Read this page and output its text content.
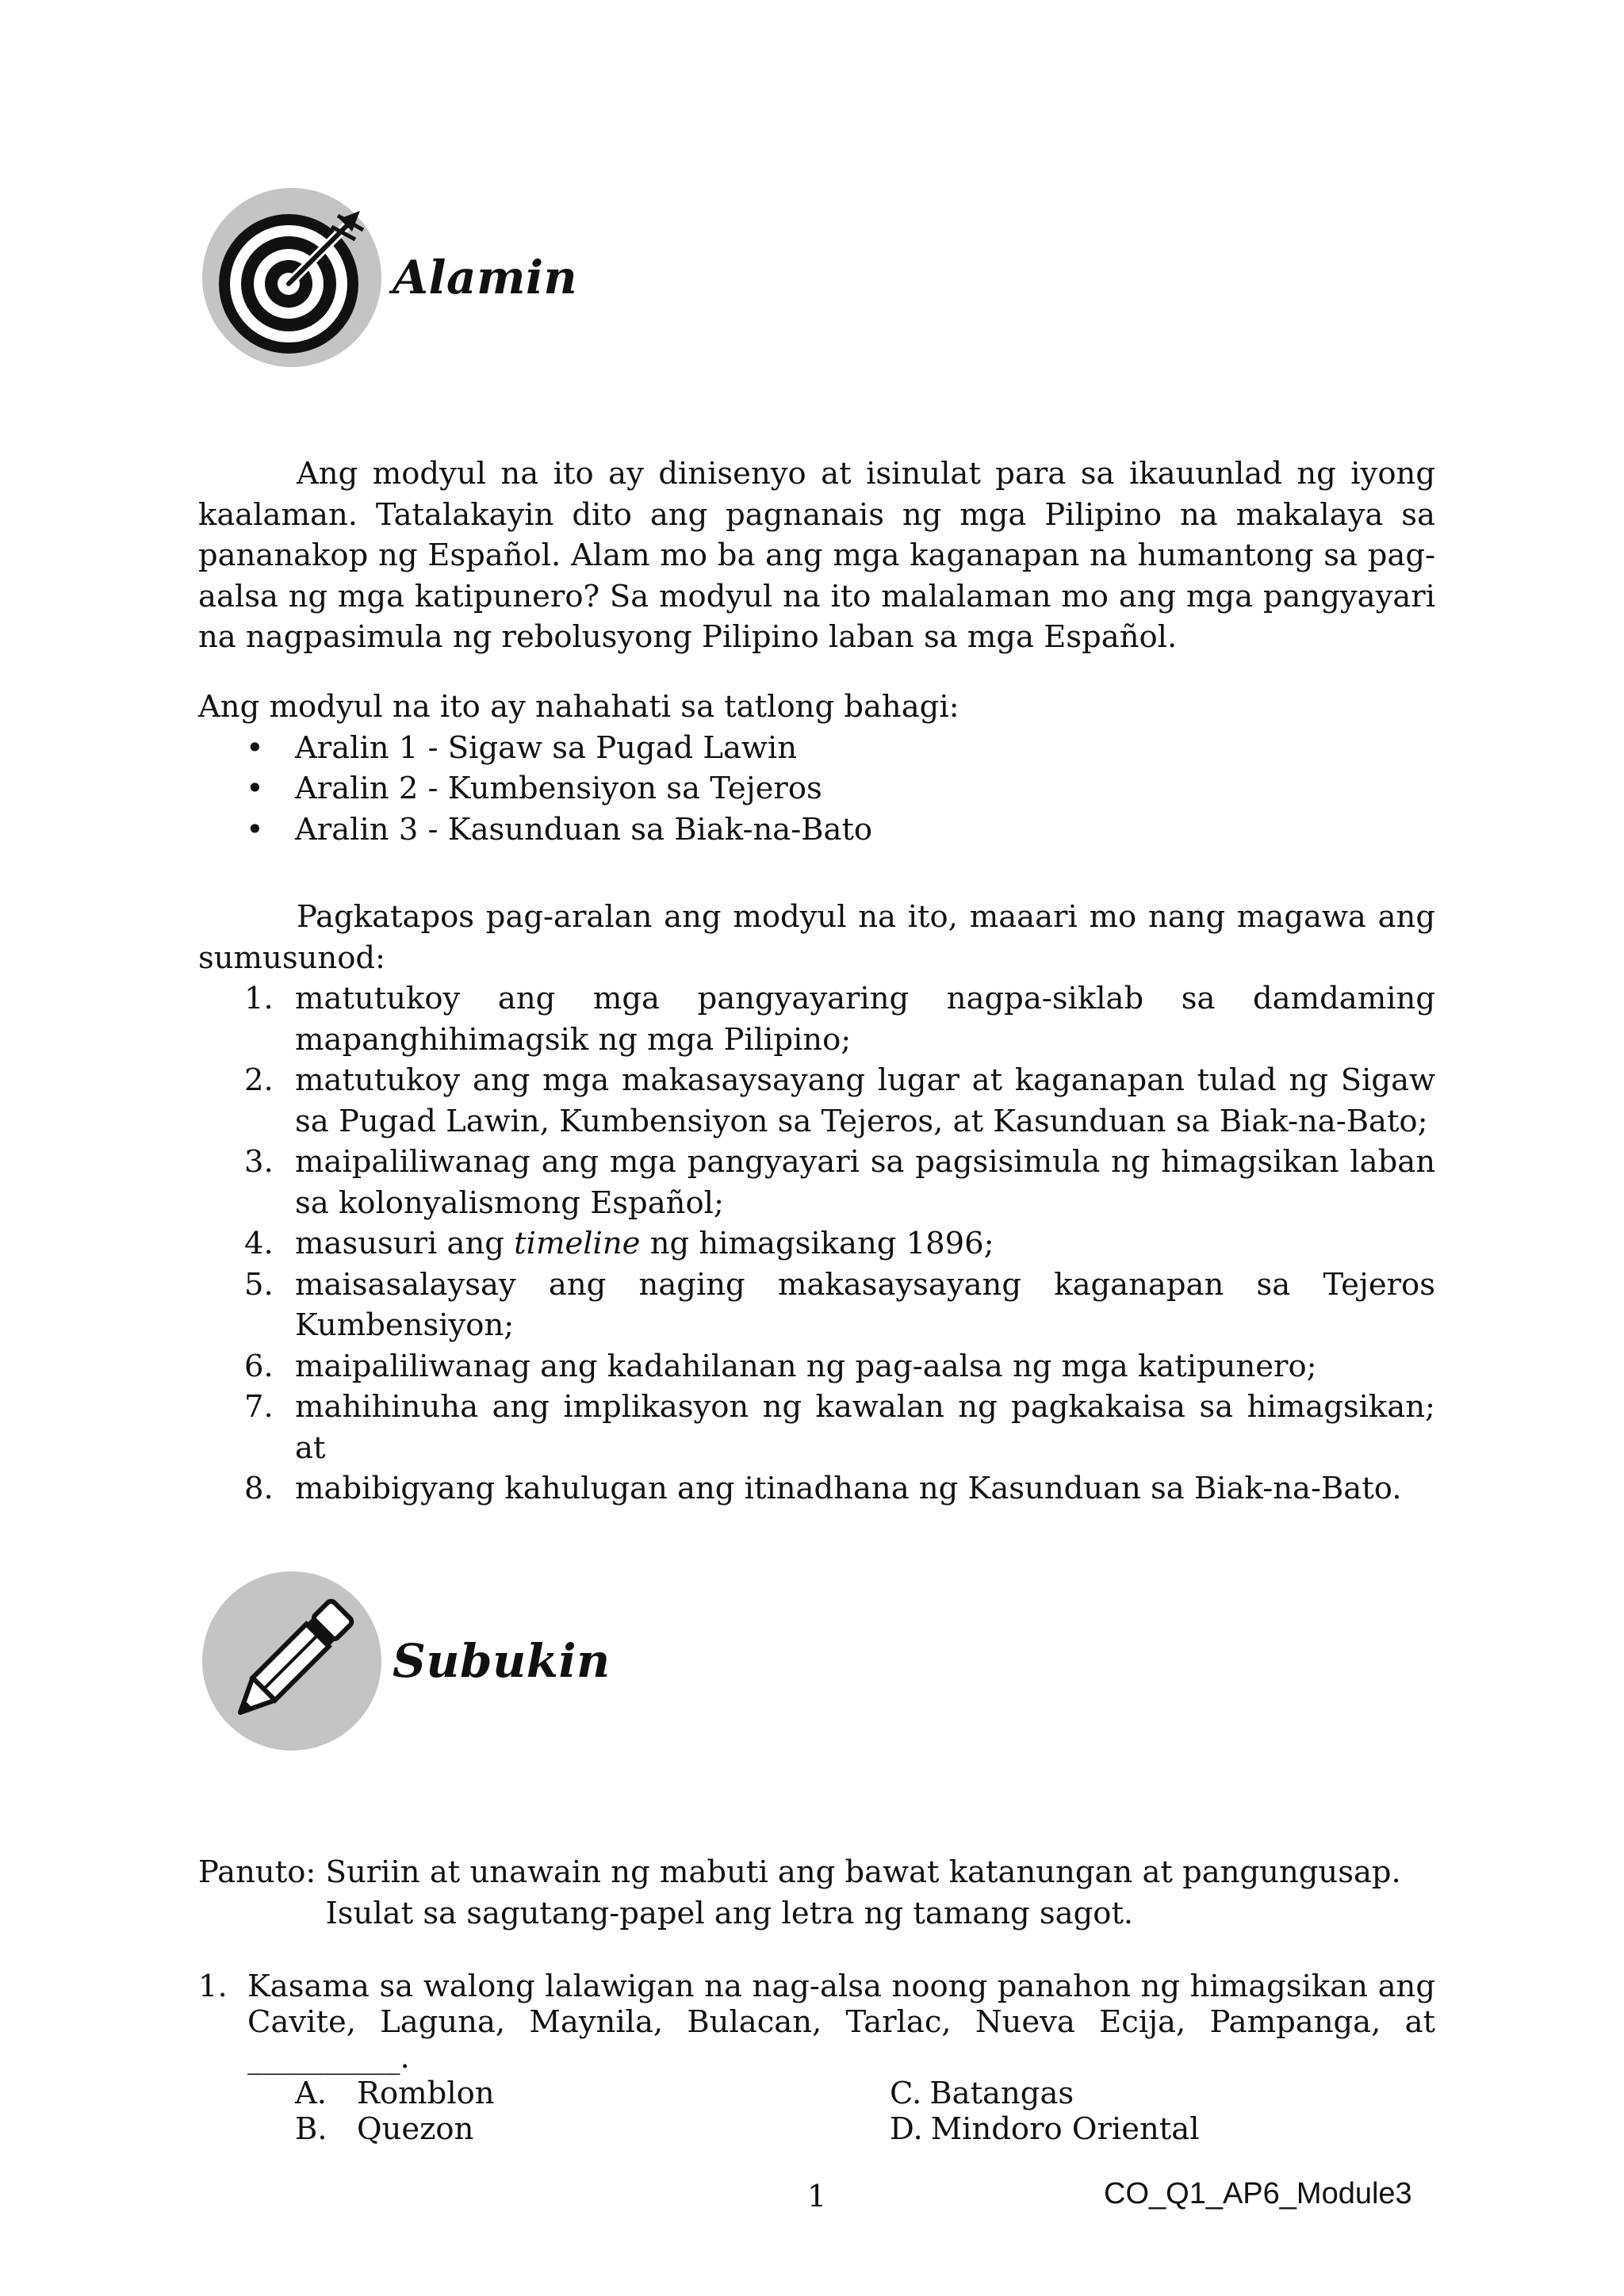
Alamin

Ang modyul na ito ay dinisenyo at isinulat para sa ikauunlad ng iyong kaalaman. Tatalakayin dito ang pagnanais ng mga Pilipino na makalaya sa pananakop ng Español. Alam mo ba ang mga kaganapan na humantong sa pag-aalsa ng mga katipunero? Sa modyul na ito malalaman mo ang mga pangyayari na nagpasimula ng rebolusyong Pilipino laban sa mga Español.

Ang modyul na ito ay nahahati sa tatlong bahagi:

• Aralin 1 - Sigaw sa Pugad Lawin
• Aralin 2 - Kumbensiyon sa Tejeros
• Aralin 3 - Kasunduan sa Biak-na-Bato

Pagkatapos pag-aralan ang modyul na ito, maaari mo nang magawa ang sumusunod:

1. matutukoy ang mga pangyayaring nagpa-siklab sa damdaming mapanghihimagsik ng mga Pilipino;
2. matutukoy ang mga makasaysayang lugar at kaganapan tulad ng Sigaw sa Pugad Lawin, Kumbensiyon sa Tejeros, at Kasunduan sa Biak-na-Bato;
3. maipaliliwanag ang mga pangyayari sa pagsisimula ng himagsikan laban sa kolonyalismong Español;
4. masusuri ang timeline ng himagsikang 1896;
5. maisasalaysay ang naging makasaysayang kaganapan sa Tejeros Kumbensiyon;
6. maipaliliwanag ang kadahilanan ng pag-aalsa ng mga katipunero;
7. mahihinuha ang implikasyon ng kawalan ng pagkakaisa sa himagsikan; at
8. mabibigyang kahulugan ang itinadhana ng Kasunduan sa Biak-na-Bato.
Subukin
Panuto:
Suriin at unawain ng mabuti ang bawat katanungan at pangungusap. Isulat sa sagutang-papel ang letra ng tamang sagot.
1. Kasama sa walong lalawigan na nag-alsa noong panahon ng himagsikan ang Cavite, Laguna, Maynila, Bulacan, Tarlac, Nueva Ecija, Pampanga, at __________.
A. Romblon	C. Batangas
B. Quezon	D. Mindoro Oriental
1	CO_Q1_AP6_Module3
